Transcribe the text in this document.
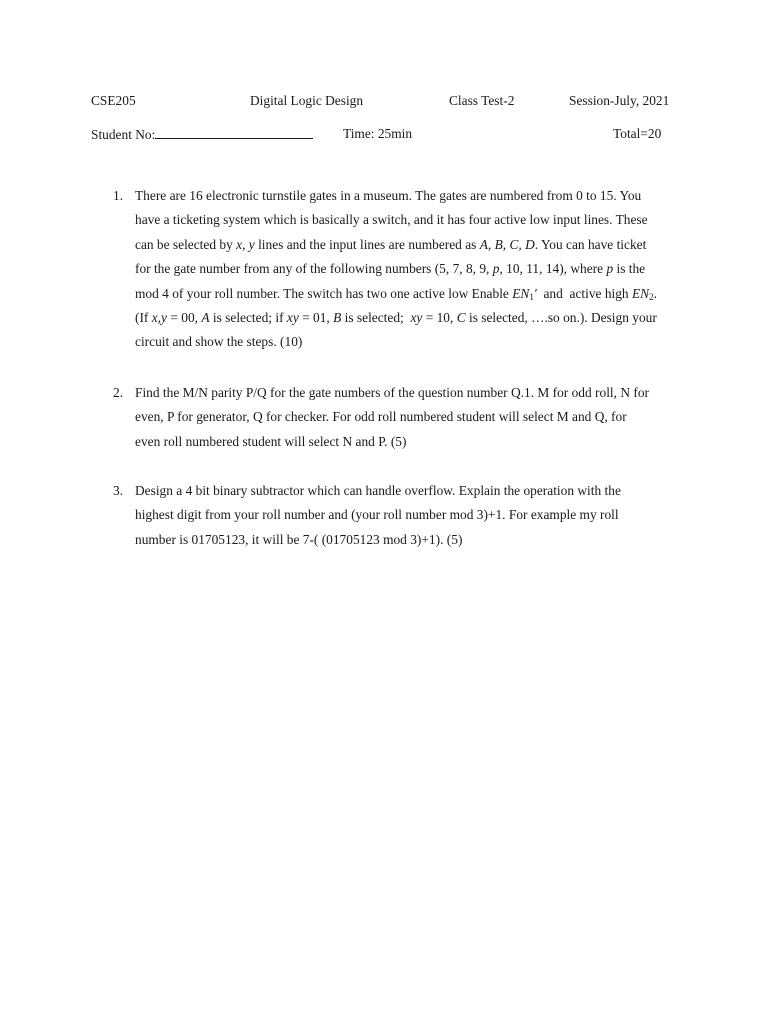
CSE205	Digital Logic Design	Class Test-2	Session-July, 2021
Student No:	Time: 25min	Total=20
1. There are 16 electronic turnstile gates in a museum. The gates are numbered from 0 to 15. You
have a ticketing system which is basically a switch, and it has four active low input lines. These
can be selected by x, y lines and the input lines are numbered as A, B, C, D. You can have ticket
for the gate number from any of the following numbers (5, 7, 8, 9, p, 10, 11, 14), where p is the
mod 4 of your roll number. The switch has two one active low Enable $EN_1'$  and  active high $EN_2$.
(If x,y = 00, A is selected; if xy = 01, B is selected;  xy = 10, C is selected, ….so on.). Design your
circuit and show the steps. (10)
2. Find the M/N parity P/Q for the gate numbers of the question number Q.1. M for odd roll, N for
even, P for generator, Q for checker. For odd roll numbered student will select M and Q, for
even roll numbered student will select N and P. (5)
3. Design a 4 bit binary subtractor which can handle overflow. Explain the operation with the
highest digit from your roll number and (your roll number mod 3)+1. For example my roll
number is 01705123, it will be 7-( (01705123 mod 3)+1). (5)
